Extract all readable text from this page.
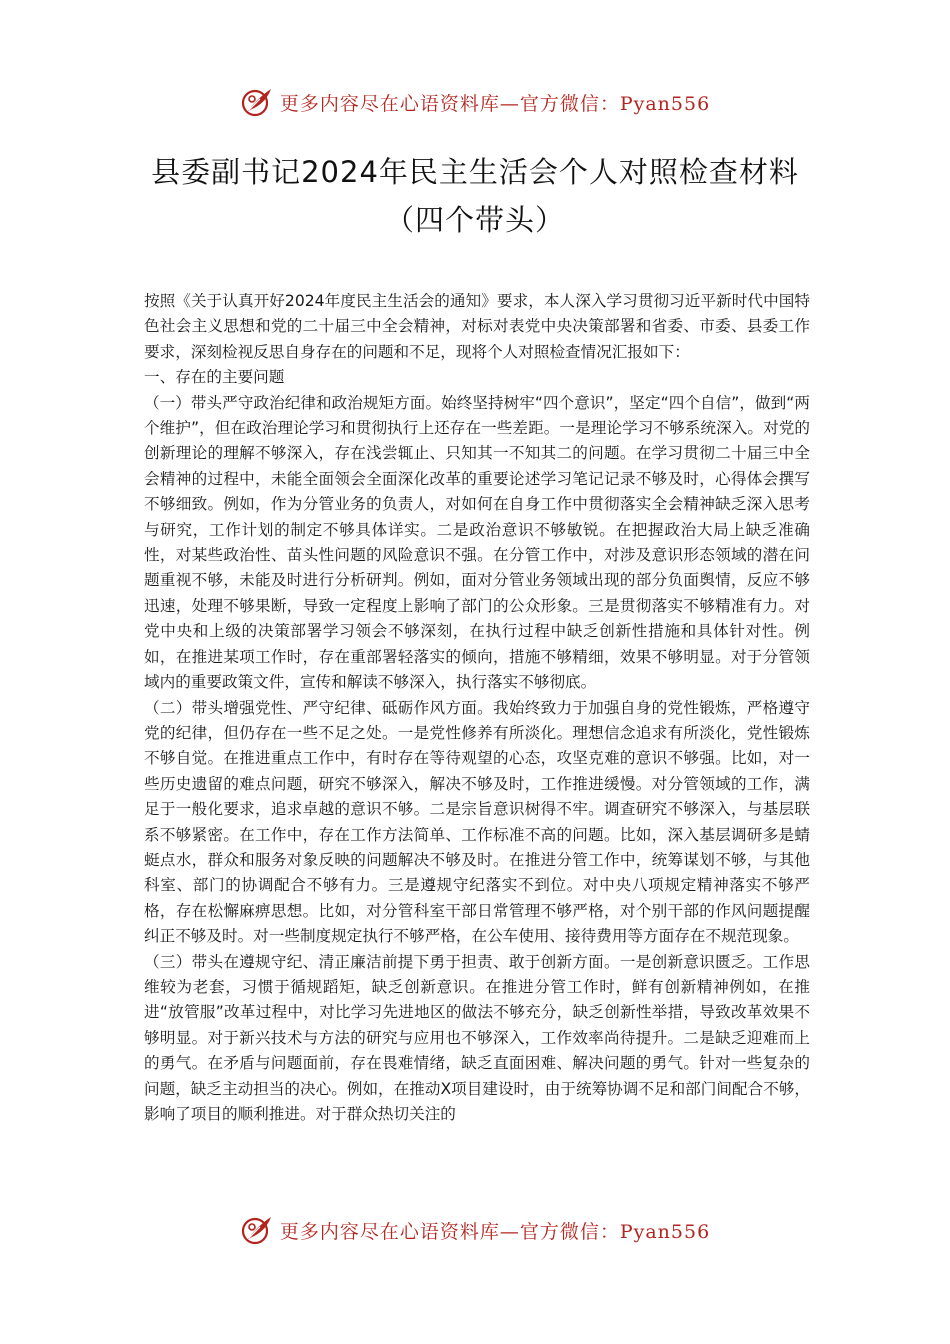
更多内容尽在心语资料库—官方微信：Pyan556
县委副书记2024年民主生活会个人对照检查材料
（四个带头）

按照《关于认真开好2024年度民主生活会的通知》要求，本人深入学习贯彻习近平新时代中国特色社会主义思想和党的二十届三中全会精神，对标对表党中央决策部署和省委、市委、县委工作要求，深刻检视反思自身存在的问题和不足，现将个人对照检查情况汇报如下：

一、存在的主要问题

（一）带头严守政治纪律和政治规矩方面。始终坚持树牢“四个意识”，坚定“四个自信”，做到“两个维护”，但在政治理论学习和贯彻执行上还存在一些差距。一是理论学习不够系统深入。对党的创新理论的理解不够深入，存在浅尝辄止、只知其一不知其二的问题。在学习贯彻二十届三中全会精神的过程中，未能全面领会全面深化改革的重要论述学习笔记记录不够及时，心得体会撰写不够细致。例如，作为分管业务的负责人，对如何在自身工作中贯彻落实全会精神缺乏深入思考与研究，工作计划的制定不够具体详实。二是政治意识不够敏锐。在把握政治大局上缺乏准确性，对某些政治性、苗头性问题的风险意识不强。在分管工作中，对涉及意识形态领域的潜在问题重视不够，未能及时进行分析研判。例如，面对分管业务领域出现的部分负面舆情，反应不够迅速，处理不够果断，导致一定程度上影响了部门的公众形象。三是贯彻落实不够精准有力。对党中央和上级的决策部署学习领会不够深刻，在执行过程中缺乏创新性措施和具体针对性。例如，在推进某项工作时，存在重部署轻落实的倾向，措施不够精细，效果不够明显。对于分管领域内的重要政策文件，宣传和解读不够深入，执行落实不够彻底。

（二）带头增强党性、严守纪律、砥砺作风方面。我始终致力于加强自身的党性锻炼，严格遵守党的纪律，但仍存在一些不足之处。一是党性修养有所淡化。理想信念追求有所淡化，党性锻炼不够自觉。在推进重点工作中，有时存在等待观望的心态，攻坚克难的意识不够强。比如，对一些历史遗留的难点问题，研究不够深入，解决不够及时，工作推进缓慢。对分管领域的工作，满足于一般化要求，追求卓越的意识不够。二是宗旨意识树得不牢。调查研究不够深入，与基层联系不够紧密。在工作中，存在工作方法简单、工作标准不高的问题。比如，深入基层调研多是蜻蜓点水，群众和服务对象反映的问题解决不够及时。在推进分管工作中，统筹谋划不够，与其他科室、部门的协调配合不够有力。三是遵规守纪落实不到位。对中央八项规定精神落实不够严格，存在松懈麻痹思想。比如，对分管科室干部日常管理不够严格，对个别干部的作风问题提醒纠正不够及时。对一些制度规定执行不够严格，在公车使用、接待费用等方面存在不规范现象。

（三）带头在遵规守纪、清正廉洁前提下勇于担责、敢于创新方面。一是创新意识匮乏。工作思维较为老套，习惯于循规蹈矩，缺乏创新意识。在推进分管工作时，鲜有创新精神例如，在推进“放管服”改革过程中，对比学习先进地区的做法不够充分，缺乏创新性举措，导致改革效果不够明显。对于新兴技术与方法的研究与应用也不够深入，工作效率尚待提升。二是缺乏迎难而上的勇气。在矛盾与问题面前，存在畏难情绪，缺乏直面困难、解决问题的勇气。针对一些复杂的问题，缺乏主动担当的决心。例如，在推动X项目建设时，由于统筹协调不足和部门间配合不够，影响了项目的顺利推进。对于群众热切关注的

更多内容尽在心语资料库—官方微信：Pyan556
